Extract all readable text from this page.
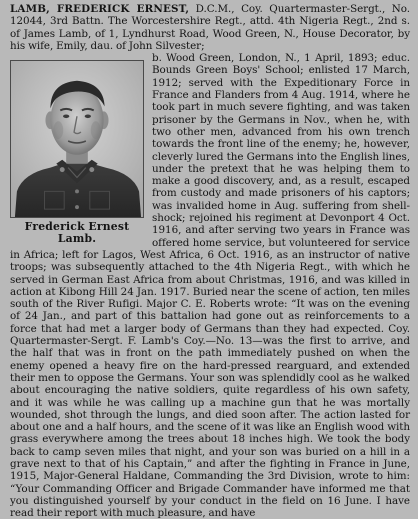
LAMB, FREDERICK ERNEST, D.C.M., Coy. Quartermaster-Sergt., No. 12044, 3rd Battn. The Worcestershire Regt., attd. 4th Nigeria Regt., 2nd s. of James Lamb, of 1, Lyndhurst Road, Wood Green, N., House Decorator, by his wife, Emily, dau. of John Silvester;

Frederick Ernest Lamb.

b. Wood Green, London, N., 1 April, 1893; educ. Bounds Green Boys' School; enlisted 17 March, 1912; served with the Expeditionary Force in France and Flanders from 4 Aug. 1914, where he took part in much severe fighting, and was taken prisoner by the Germans in Nov., when he, with two other men, advanced from his own trench towards the front line of the enemy; he, however, cleverly lured the Germans into the English lines, under the pretext that he was helping them to make a good discovery, and, as a result, escaped from custody and made prisoners of his captors; was invalided home in Aug. suffering from shell-shock; rejoined his regiment at Devonport 4 Oct. 1916, and after serving two years in France was offered home service, but volunteered for service in Africa; left for Lagos, West Africa, 6 Oct. 1916, as an instructor of native troops; was subsequently attached to the 4th Nigeria Regt., with which he served in German East Africa from about Christmas, 1916, and was killed in action at Kibong Hill 24 Jan. 1917. Buried near the scene of action, ten miles south of the River Rufigi. Major C. E. Roberts wrote: “It was on the evening of 24 Jan., and part of this battalion had gone out as reinforcements to a force that had met a larger body of Germans than they had expected. Coy. Quartermaster-Sergt. F. Lamb's Coy.—No. 13—was the first to arrive, and the half that was in front on the path immediately pushed on when the enemy opened a heavy fire on the hard-pressed rearguard, and extended their men to oppose the Germans. Your son was splendidly cool as he walked about encouraging the native soldiers, quite regardless of his own safety, and it was while he was calling up a machine gun that he was mortally wounded, shot through the lungs, and died soon after. The action lasted for about one and a half hours, and the scene of it was like an English wood with grass everywhere among the trees about 18 inches high. We took the body back to camp seven miles that night, and your son was buried on a hill in a grave next to that of his Captain,” and after the fighting in France in June, 1915, Major-General Haldane, Commanding the 3rd Division, wrote to him: “Your Commanding Officer and Brigade Commander have informed me that you distinguished yourself by your conduct in the field on 16 June. I have read their report with much pleasure, and have
